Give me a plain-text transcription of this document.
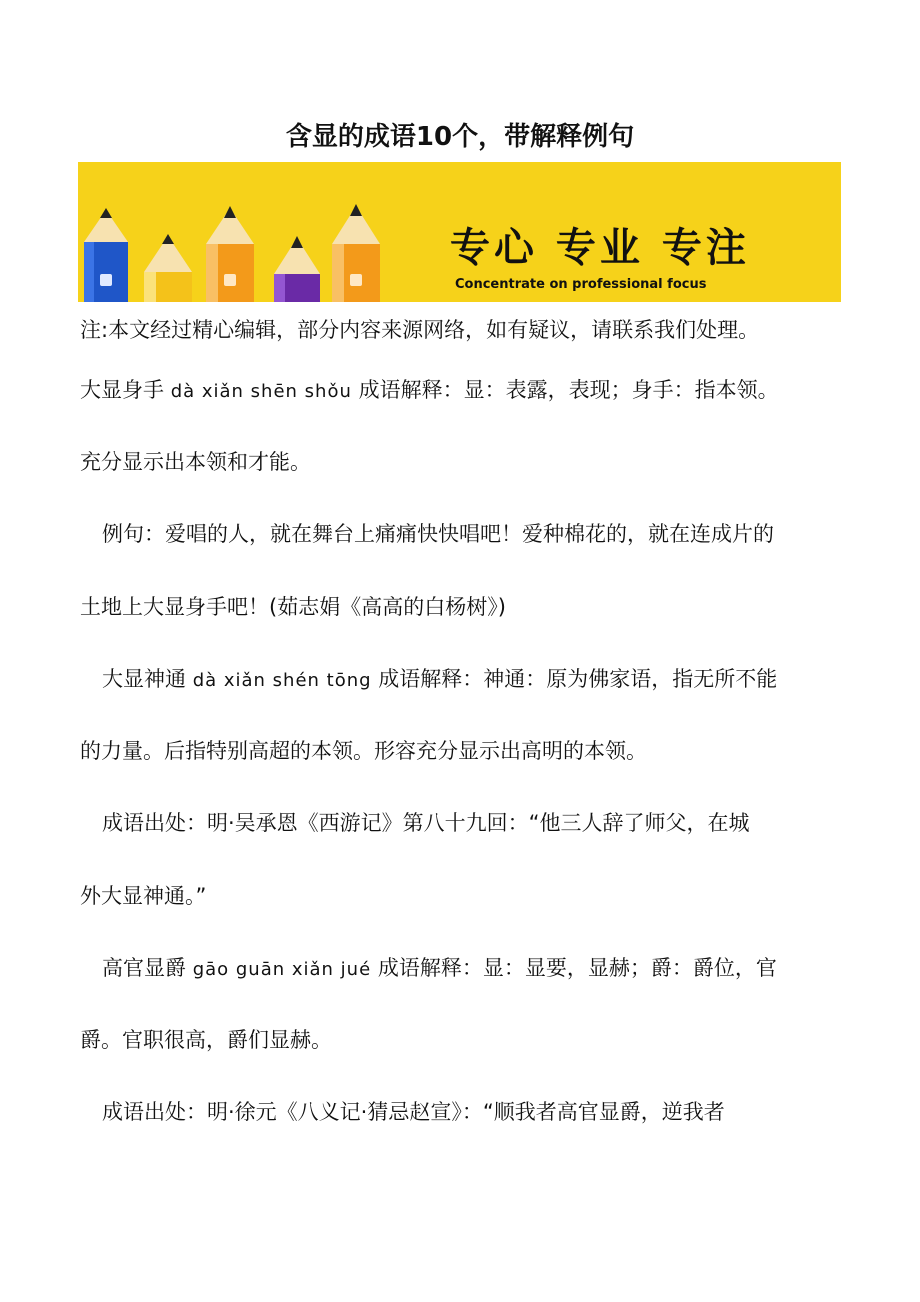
含显的成语10个，带解释例句
专心 专业 专注
Concentrate on professional focus
注:本文经过精心编辑，部分内容来源网络，如有疑议，请联系我们处理。
大显身手 dà xiǎn shēn shǒu 成语解释：显：表露，表现；身手：指本领。
充分显示出本领和才能。
例句：爱唱的人，就在舞台上痛痛快快唱吧！爱种棉花的，就在连成片的
土地上大显身手吧！(茹志娟《高高的白杨树》)
大显神通 dà xiǎn shén tōng 成语解释：神通：原为佛家语，指无所不能
的力量。后指特别高超的本领。形容充分显示出高明的本领。
成语出处：明·吴承恩《西游记》第八十九回：“他三人辞了师父，在城
外大显神通。”
高官显爵 gāo guān xiǎn jué 成语解释：显：显要，显赫；爵：爵位，官
爵。官职很高，爵们显赫。
成语出处：明·徐元《八义记·猜忌赵宣》：“顺我者高官显爵，逆我者
